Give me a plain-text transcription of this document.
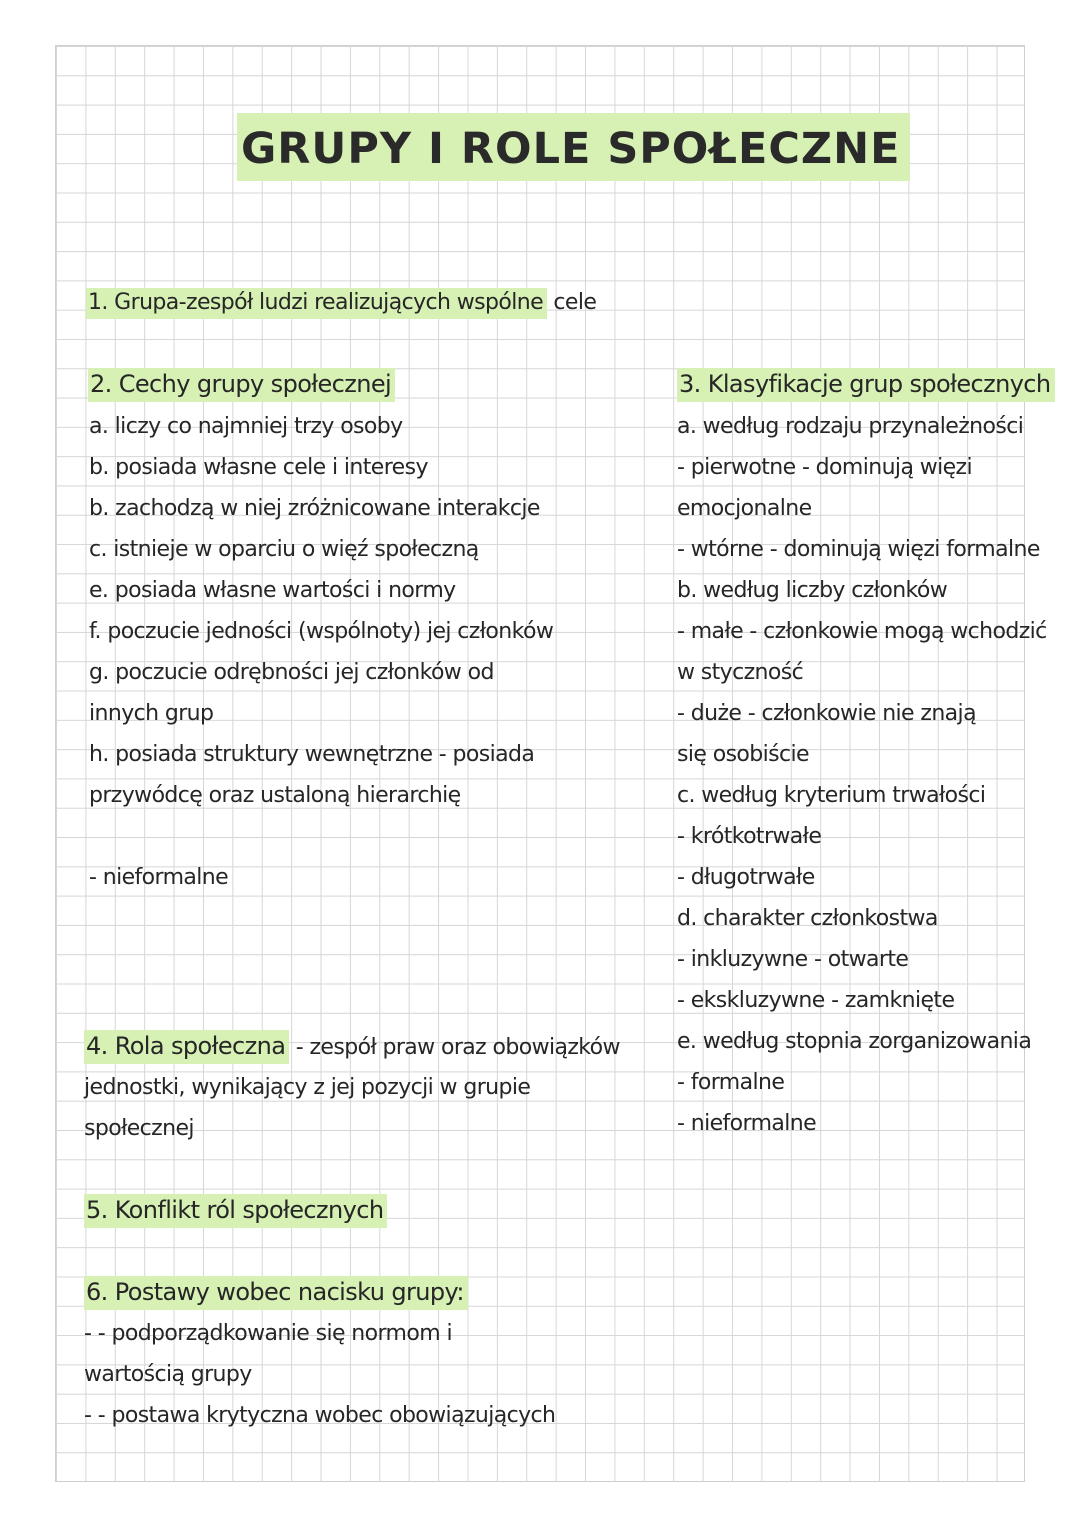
GRUPY I ROLE SPOŁECZNE
1. Grupa-zespół ludzi realizujących wspólne cele
2. Cechy grupy społecznej
a. liczy co najmniej trzy osoby
b. posiada własne cele i interesy
b. zachodzą w niej zróżnicowane interakcje
c. istnieje w oparciu o więź społeczną
e. posiada własne wartości i normy
f. poczucie jedności (wspólnoty) jej członków
g. poczucie odrębności jej członków od
innych grup
h. posiada struktury wewnętrzne - posiada
przywódcę oraz ustaloną hierarchię
- nieformalne
3. Klasyfikacje grup społecznych
a. według rodzaju przynależności
- pierwotne - dominują więzi
emocjonalne
- wtórne - dominują więzi formalne
b. według liczby członków
- małe - członkowie mogą wchodzić
w styczność
- duże - członkowie nie znają
się osobiście
c. według kryterium trwałości
- krótkotrwałe
- długotrwałe
d. charakter członkostwa
- inkluzywne - otwarte
- ekskluzywne - zamknięte
e. według stopnia zorganizowania
- formalne
- nieformalne
4. Rola społeczna - zespół praw oraz obowiązków
jednostki, wynikający z jej pozycji w grupie
społecznej
5. Konflikt ról społecznych
6. Postawy wobec nacisku grupy:
- - podporządkowanie się normom i
wartością grupy
- - postawa krytyczna wobec obowiązujących
